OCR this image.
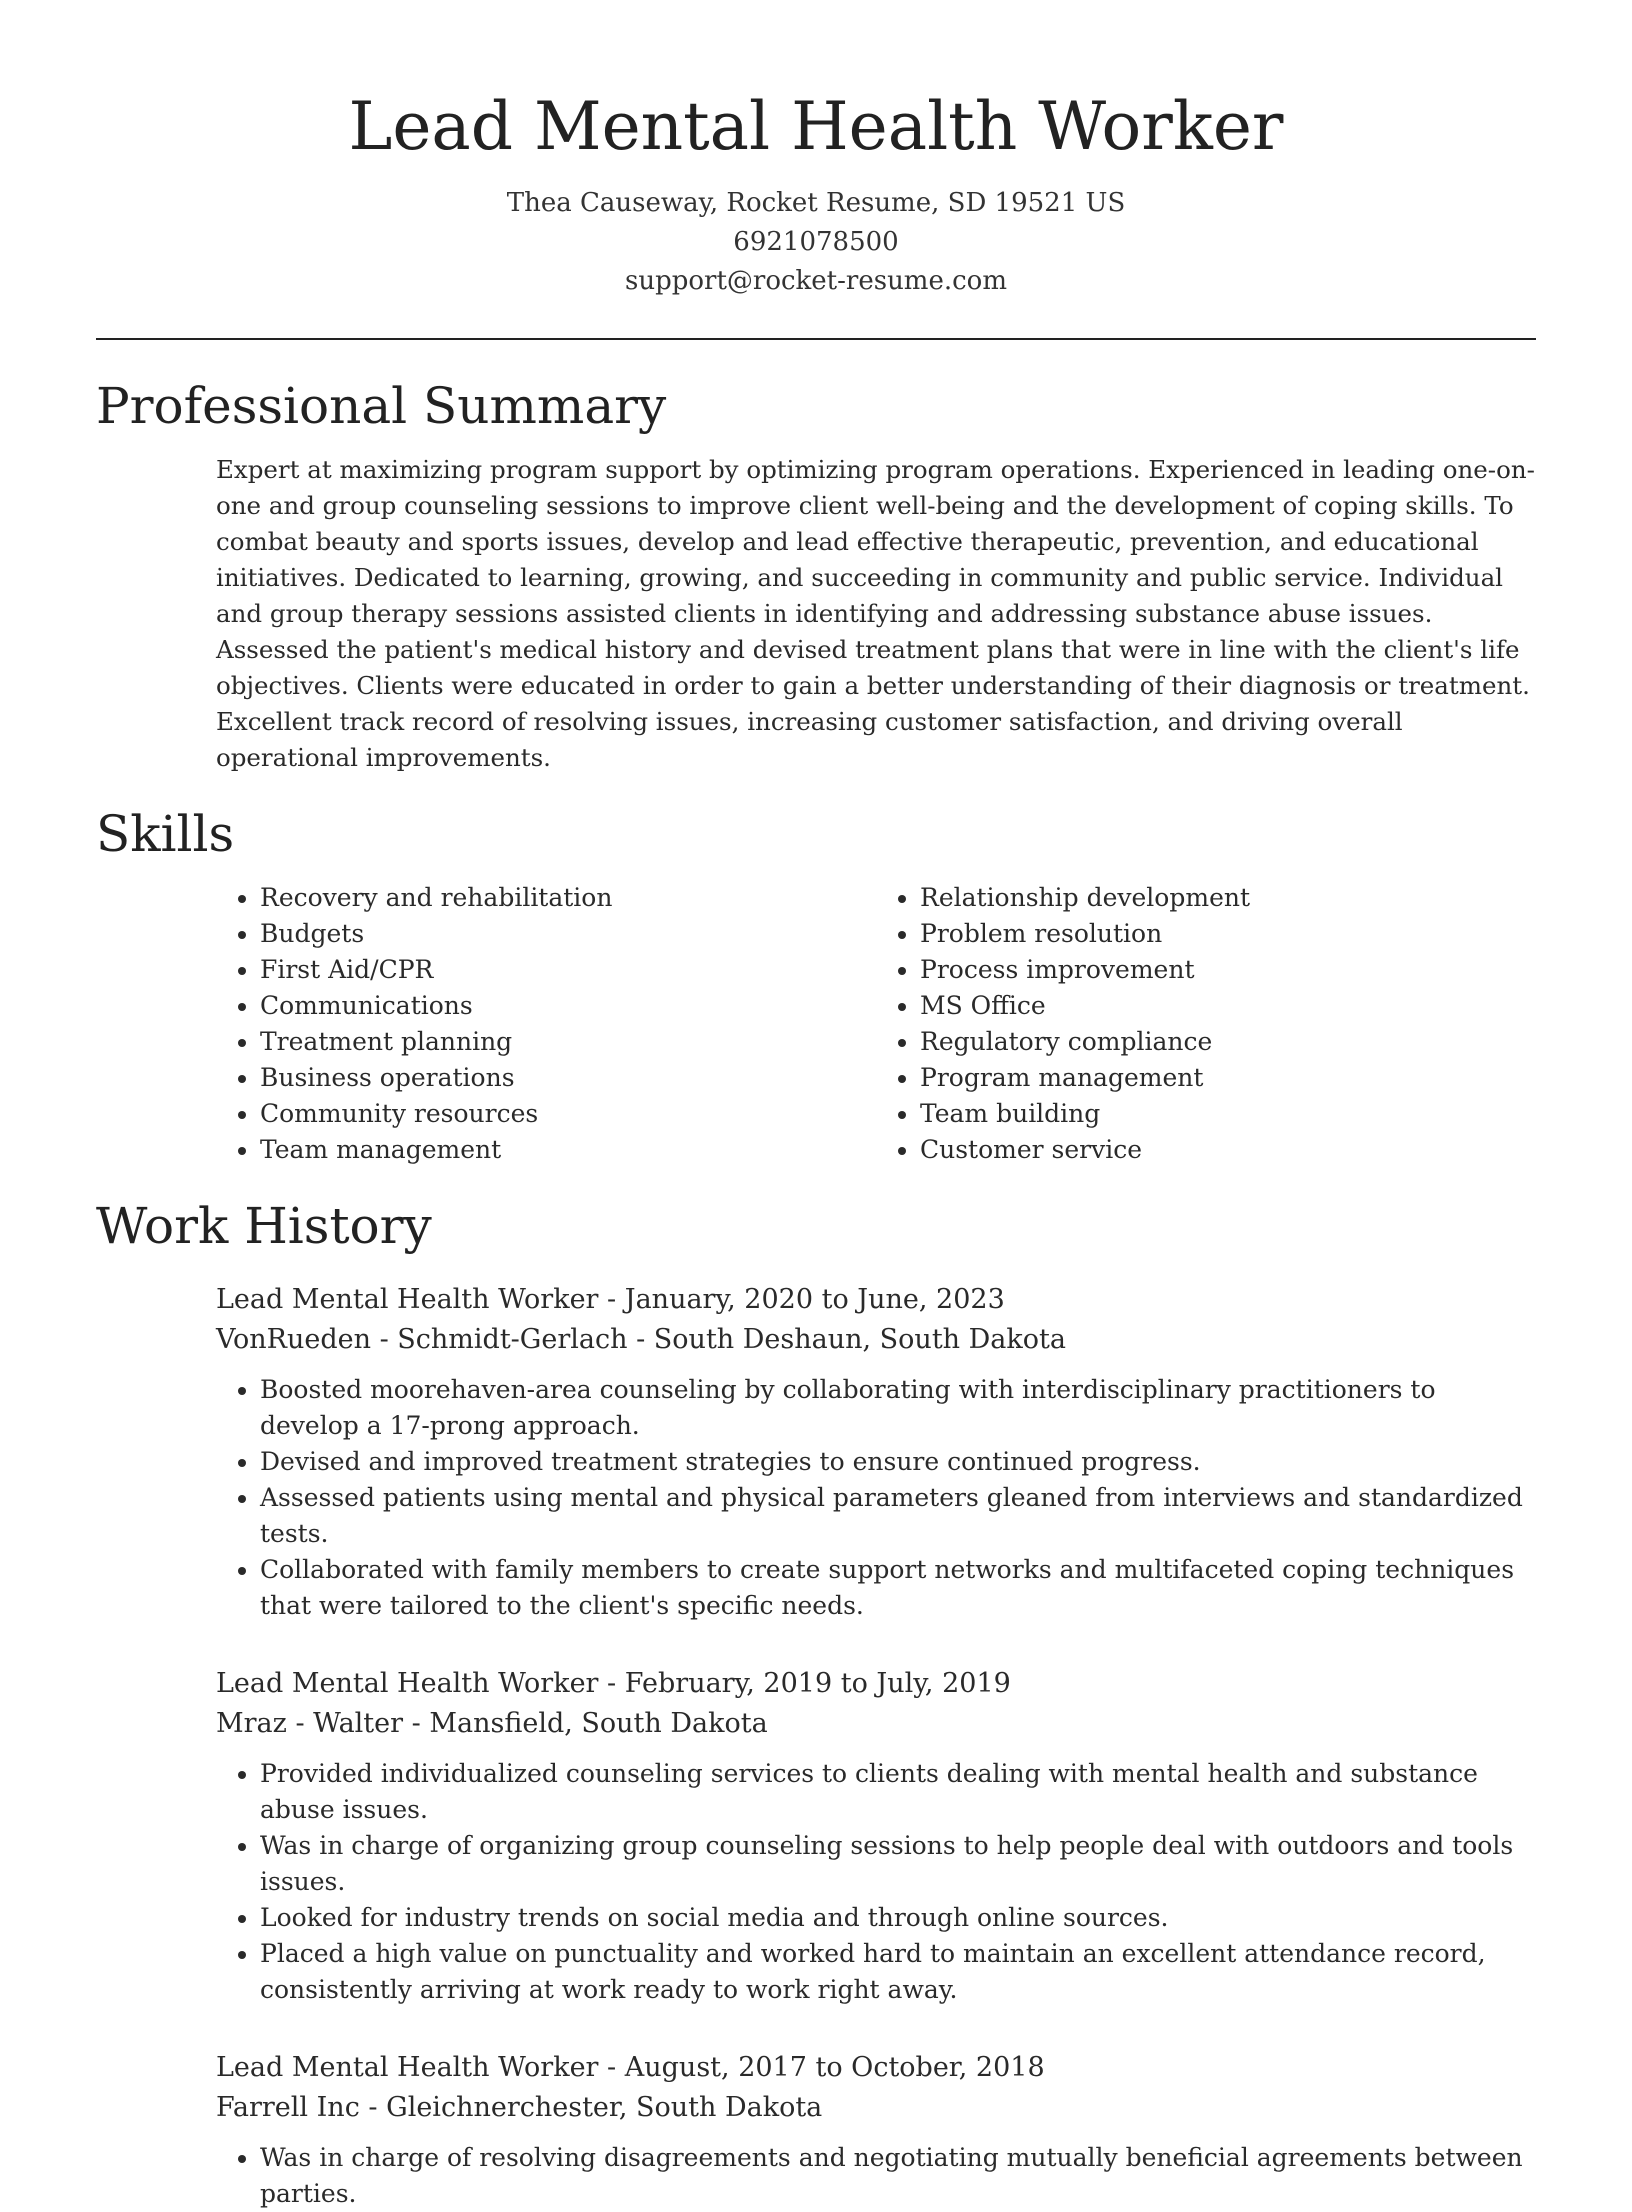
Lead Mental Health Worker
Thea Causeway, Rocket Resume, SD 19521 US
6921078500
support@rocket-resume.com
Professional Summary

Expert at maximizing program support by optimizing program operations. Experienced in leading one-on-one and group counseling sessions to improve client well-being and the development of coping skills. To combat beauty and sports issues, develop and lead effective therapeutic, prevention, and educational initiatives. Dedicated to learning, growing, and succeeding in community and public service. Individual and group therapy sessions assisted clients in identifying and addressing substance abuse issues. Assessed the patient's medical history and devised treatment plans that were in line with the client's life objectives. Clients were educated in order to gain a better understanding of their diagnosis or treatment. Excellent track record of resolving issues, increasing customer satisfaction, and driving overall operational improvements.

Skills
• Recovery and rehabilitation
• Budgets
• First Aid/CPR
• Communications
• Treatment planning
• Business operations
• Community resources
• Team management
• Relationship development
• Problem resolution
• Process improvement
• MS Office
• Regulatory compliance
• Program management
• Team building
• Customer service
Work History
Lead Mental Health Worker - January, 2020 to June, 2023
VonRueden - Schmidt-Gerlach - South Deshaun, South Dakota
• Boosted moorehaven-area counseling by collaborating with interdisciplinary practitioners to develop a 17-prong approach.
• Devised and improved treatment strategies to ensure continued progress.
• Assessed patients using mental and physical parameters gleaned from interviews and standardized tests.
• Collaborated with family members to create support networks and multifaceted coping techniques that were tailored to the client's specific needs.
Lead Mental Health Worker - February, 2019 to July, 2019
Mraz - Walter - Mansfield, South Dakota
• Provided individualized counseling services to clients dealing with mental health and substance abuse issues.
• Was in charge of organizing group counseling sessions to help people deal with outdoors and tools issues.
• Looked for industry trends on social media and through online sources.
• Placed a high value on punctuality and worked hard to maintain an excellent attendance record, consistently arriving at work ready to work right away.
Lead Mental Health Worker - August, 2017 to October, 2018
Farrell Inc - Gleichnerchester, South Dakota
• Was in charge of resolving disagreements and negotiating mutually beneficial agreements between parties.
